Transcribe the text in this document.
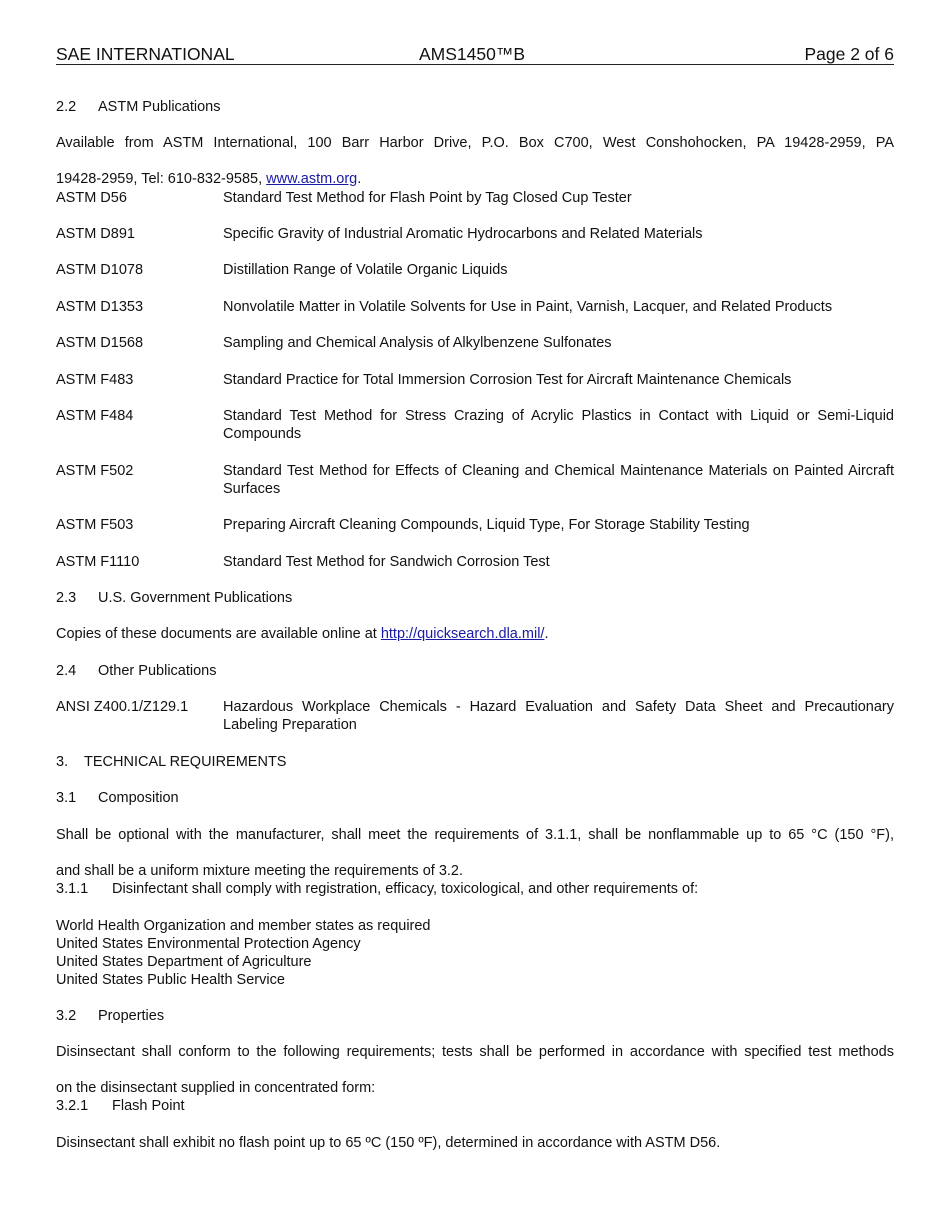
SAE INTERNATIONAL	AMS1450™B	Page 2 of 6
2.2 ASTM Publications
Available from ASTM International, 100 Barr Harbor Drive, P.O. Box C700, West Conshohocken, PA 19428-2959, PA
19428-2959, Tel: 610-832-9585, www.astm.org.
ASTM D56	Standard Test Method for Flash Point by Tag Closed Cup Tester
ASTM D891	Specific Gravity of Industrial Aromatic Hydrocarbons and Related Materials
ASTM D1078	Distillation Range of Volatile Organic Liquids
ASTM D1353	Nonvolatile Matter in Volatile Solvents for Use in Paint, Varnish, Lacquer, and Related Products
ASTM D1568	Sampling and Chemical Analysis of Alkylbenzene Sulfonates
ASTM F483	Standard Practice for Total Immersion Corrosion Test for Aircraft Maintenance Chemicals
ASTM F484	Standard Test Method for Stress Crazing of Acrylic Plastics in Contact with Liquid or Semi-Liquid Compounds
ASTM F502	Standard Test Method for Effects of Cleaning and Chemical Maintenance Materials on Painted Aircraft Surfaces
ASTM F503	Preparing Aircraft Cleaning Compounds, Liquid Type, For Storage Stability Testing
ASTM F1110	Standard Test Method for Sandwich Corrosion Test
2.3 U.S. Government Publications
Copies of these documents are available online at http://quicksearch.dla.mil/.
2.4 Other Publications
ANSI Z400.1/Z129.1 Hazardous Workplace Chemicals - Hazard Evaluation and Safety Data Sheet and Precautionary Labeling Preparation
3. TECHNICAL REQUIREMENTS
3.1 Composition
Shall be optional with the manufacturer, shall meet the requirements of 3.1.1, shall be nonflammable up to 65 °C (150 °F),
and shall be a uniform mixture meeting the requirements of 3.2.
3.1.1 Disinfectant shall comply with registration, efficacy, toxicological, and other requirements of:
World Health Organization and member states as required
United States Environmental Protection Agency
United States Department of Agriculture
United States Public Health Service
3.2 Properties
Disinsectant shall conform to the following requirements; tests shall be performed in accordance with specified test methods
on the disinsectant supplied in concentrated form:
3.2.1 Flash Point
Disinsectant shall exhibit no flash point up to 65 ºC (150 ºF), determined in accordance with ASTM D56.
